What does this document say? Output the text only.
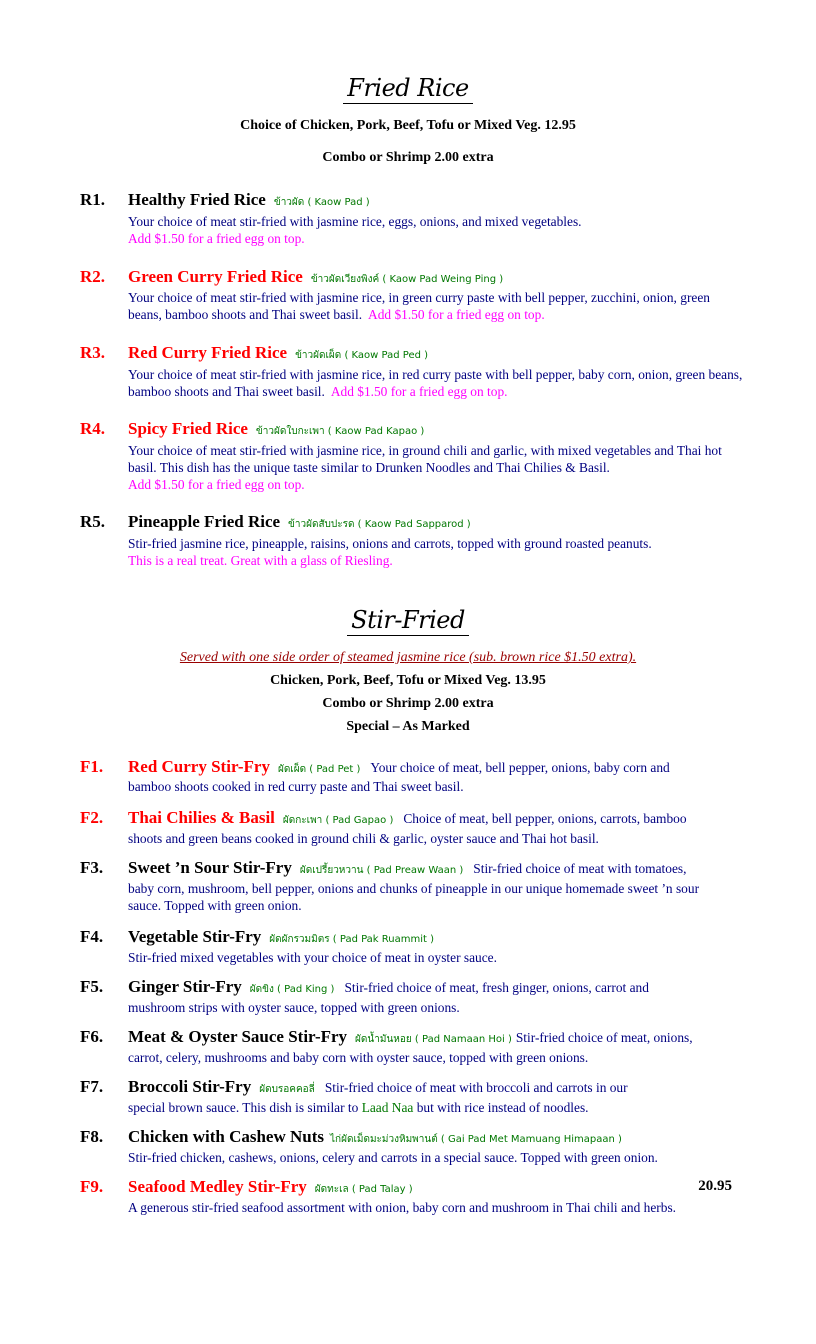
Fried Rice
Choice of Chicken, Pork, Beef, Tofu or Mixed Veg. 12.95
Combo or Shrimp 2.00 extra
R1. Healthy Fried Rice ข้าวผัด ( Kaow Pad )
Your choice of meat stir-fried with jasmine rice, eggs, onions, and mixed vegetables.
Add $1.50 for a fried egg on top.
R2. Green Curry Fried Rice ข้าวผัดเวียงพิงค์ ( Kaow Pad Weing Ping )
Your choice of meat stir-fried with jasmine rice, in green curry paste with bell pepper, zucchini, onion, green beans, bamboo shoots and Thai sweet basil. Add $1.50 for a fried egg on top.
R3. Red Curry Fried Rice ข้าวผัดเผ็ด ( Kaow Pad Ped )
Your choice of meat stir-fried with jasmine rice, in red curry paste with bell pepper, baby corn, onion, green beans, bamboo shoots and Thai sweet basil. Add $1.50 for a fried egg on top.
R4. Spicy Fried Rice ข้าวผัดใบกะเพา ( Kaow Pad Kapao )
Your choice of meat stir-fried with jasmine rice, in ground chili and garlic, with mixed vegetables and Thai hot basil. This dish has the unique taste similar to Drunken Noodles and Thai Chilies & Basil.
Add $1.50 for a fried egg on top.
R5. Pineapple Fried Rice ข้าวผัดสับปะรด ( Kaow Pad Sapparod )
Stir-fried jasmine rice, pineapple, raisins, onions and carrots, topped with ground roasted peanuts.
This is a real treat. Great with a glass of Riesling.
Stir-Fried
Served with one side order of steamed jasmine rice (sub. brown rice $1.50 extra).
Chicken, Pork, Beef, Tofu or Mixed Veg. 13.95
Combo or Shrimp 2.00 extra
Special – As Marked
F1. Red Curry Stir-Fry ผัดเผ็ด ( Pad Pet ) Your choice of meat, bell pepper, onions, baby corn and
bamboo shoots cooked in red curry paste and Thai sweet basil.
F2. Thai Chilies & Basil ผัดกะเพา ( Pad Gapao ) Choice of meat, bell pepper, onions, carrots, bamboo
shoots and green beans cooked in ground chili & garlic, oyster sauce and Thai hot basil.
F3. Sweet ’n Sour Stir-Fry ผัดเปรี้ยวหวาน ( Pad Preaw Waan ) Stir-fried choice of meat with tomatoes,
baby corn, mushroom, bell pepper, onions and chunks of pineapple in our unique homemade sweet ’n sour sauce. Topped with green onion.
F4. Vegetable Stir-Fry ผัดผักรวมมิตร ( Pad Pak Ruammit )
Stir-fried mixed vegetables with your choice of meat in oyster sauce.
F5. Ginger Stir-Fry ผัดขิง ( Pad King ) Stir-fried choice of meat, fresh ginger, onions, carrot and
mushroom strips with oyster sauce, topped with green onions.
F6. Meat & Oyster Sauce Stir-Fry ผัดน้ำมันหอย ( Pad Namaan Hoi ) Stir-fried choice of meat, onions,
carrot, celery, mushrooms and baby corn with oyster sauce, topped with green onions.
F7. Broccoli Stir-Fry ผัดบรอคคอลี่ Stir-fried choice of meat with broccoli and carrots in our
special brown sauce. This dish is similar to Laad Naa but with rice instead of noodles.
F8. Chicken with Cashew Nuts ไก่ผัดเม็ดมะม่วงหิมพานต์ ( Gai Pad Met Mamuang Himapaan )
Stir-fried chicken, cashews, onions, celery and carrots in a special sauce. Topped with green onion.
F9. Seafood Medley Stir-Fry ผัดทะเล ( Pad Talay )	20.95
A generous stir-fried seafood assortment with onion, baby corn and mushroom in Thai chili and herbs.
